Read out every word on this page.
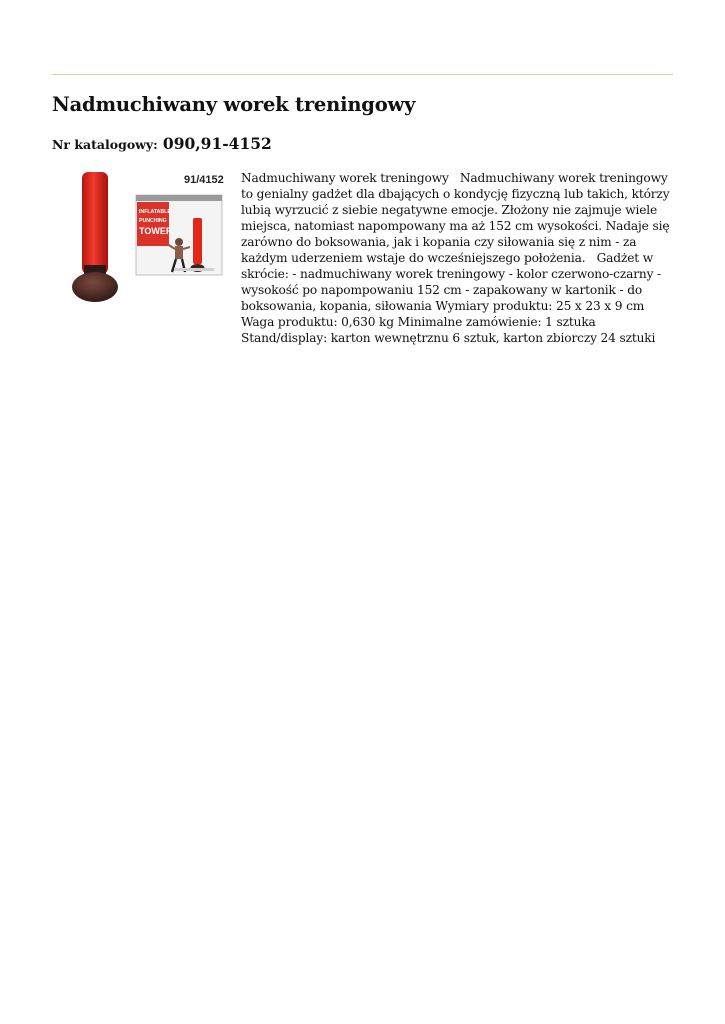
Nadmuchiwany worek treningowy
Nr katalogowy: 090,91-4152
91/4152
INFLATABLE
PUNCHING
TOWER

Nadmuchiwany worek treningowy   Nadmuchiwany worek treningowy to genialny gadżet dla dbających o kondycję fizyczną lub takich, którzy lubią wyrzucić z siebie negatywne emocje. Złożony nie zajmuje wiele miejsca, natomiast napompowany ma aż 152 cm wysokości. Nadaje się zarówno do boksowania, jak i kopania czy siłowania się z nim - za każdym uderzeniem wstaje do wcześniejszego położenia.   Gadżet w skrócie: - nadmuchiwany worek treningowy - kolor czerwono-czarny - wysokość po napompowaniu 152 cm - zapakowany w kartonik - do boksowania, kopania, siłowania Wymiary produktu: 25 x 23 x 9 cm Waga produktu: 0,630 kg Minimalne zamówienie: 1 sztuka Stand/display: karton wewnętrznu 6 sztuk, karton zbiorczy 24 sztuki
